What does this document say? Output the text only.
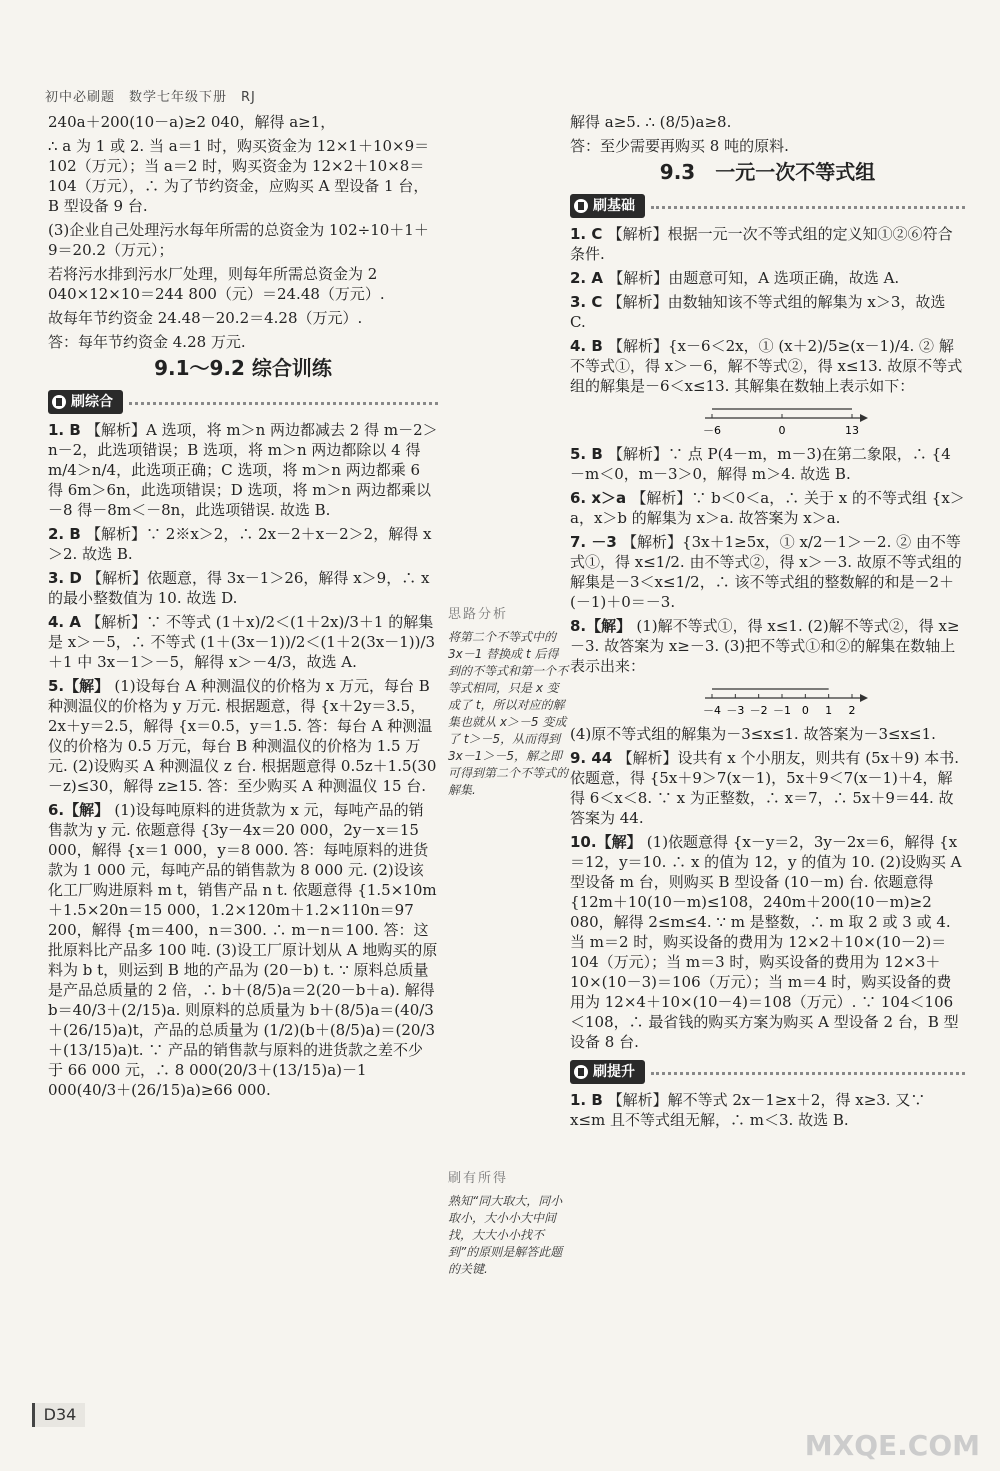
初中必刷题　数学七年级下册　RJ

240a＋200(10－a)≥2 040，解得 a≥1，

∴ a 为 1 或 2. 当 a＝1 时，购买资金为 12×1＋10×9＝102（万元）；当 a＝2 时，购买资金为 12×2＋10×8＝104（万元），∴ 为了节约资金，应购买 A 型设备 1 台，B 型设备 9 台.

(3)企业自己处理污水每年所需的总资金为 102÷10＋1＋9＝20.2（万元）；

若将污水排到污水厂处理，则每年所需总资金为 2 040×12×10＝244 800（元）＝24.48（万元）.

故每年节约资金 24.48－20.2＝4.28（万元）.

答：每年节约资金 4.28 万元.

9.1～9.2 综合训练
刷综合

1. B 【解析】A 选项，将 m＞n 两边都减去 2 得 m－2＞n－2，此选项错误；B 选项，将 m＞n 两边都除以 4 得 m/4＞n/4，此选项正确；C 选项，将 m＞n 两边都乘 6 得 6m＞6n，此选项错误；D 选项，将 m＞n 两边都乘以－8 得－8m＜－8n，此选项错误. 故选 B.

2. B 【解析】∵ 2※x＞2，∴ 2x－2＋x－2＞2，解得 x＞2. 故选 B.

3. D 【解析】依题意，得 3x－1＞26，解得 x＞9，∴ x 的最小整数值为 10. 故选 D.

4. A 【解析】∵ 不等式 (1＋x)/2＜(1＋2x)/3＋1 的解集是 x＞－5，∴ 不等式 (1＋(3x－1))/2＜(1＋2(3x－1))/3＋1 中 3x－1＞－5，解得 x＞－4/3，故选 A.

5.【解】 (1)设每台 A 种测温仪的价格为 x 万元，每台 B 种测温仪的价格为 y 万元. 根据题意，得 {x＋2y＝3.5，2x＋y＝2.5，解得 {x＝0.5，y＝1.5. 答：每台 A 种测温仪的价格为 0.5 万元，每台 B 种测温仪的价格为 1.5 万元. (2)设购买 A 种测温仪 z 台. 根据题意得 0.5z＋1.5(30－z)≤30，解得 z≥15. 答：至少购买 A 种测温仪 15 台.

6.【解】 (1)设每吨原料的进货款为 x 元，每吨产品的销售款为 y 元. 依题意得 {3y－4x＝20 000，2y－x＝15 000，解得 {x＝1 000，y＝8 000. 答：每吨原料的进货款为 1 000 元，每吨产品的销售款为 8 000 元. (2)设该化工厂购进原料 m t，销售产品 n t. 依题意得 {1.5×10m＋1.5×20n＝15 000，1.2×120m＋1.2×110n＝97 200，解得 {m＝400，n＝300. ∴ m－n＝100. 答：这批原料比产品多 100 吨. (3)设工厂原计划从 A 地购买的原料为 b t，则运到 B 地的产品为 (20－b) t. ∵ 原料总质量是产品总质量的 2 倍，∴ b＋(8/5)a＝2(20－b＋a). 解得 b＝40/3＋(2/15)a. 则原料的总质量为 b＋(8/5)a＝(40/3＋(26/15)a)t，产品的总质量为 (1/2)(b＋(8/5)a)＝(20/3＋(13/15)a)t. ∵ 产品的销售款与原料的进货款之差不少于 66 000 元，∴ 8 000(20/3＋(13/15)a)－1 000(40/3＋(26/15)a)≥66 000.

思路分析
将第二个不等式中的 3x－1 替换成 t 后得到的不等式和第一个不等式相同，只是 x 变成了 t，所以对应的解集也就从 x＞－5 变成了 t＞－5，从而得到 3x－1＞－5，解之即可得到第二个不等式的解集.
刷有所得
熟知“同大取大，同小取小，大小小大中间找，大大小小找不到”的原则是解答此题的关键.

解得 a≥5. ∴ (8/5)a≥8.

答：至少需要再购买 8 吨的原料.

9.3　一元一次不等式组
刷基础

1. C 【解析】根据一元一次不等式组的定义知①②⑥符合条件.

2. A 【解析】由题意可知，A 选项正确，故选 A.

3. C 【解析】由数轴知该不等式组的解集为 x＞3，故选 C.

4. B 【解析】{x－6＜2x，① (x＋2)/5≥(x－1)/4. ② 解不等式①，得 x＞－6，解不等式②，得 x≤13. 故原不等式组的解集是－6＜x≤13. 其解集在数轴上表示如下：

－6	0	13

5. B 【解析】∵ 点 P(4－m，m－3)在第二象限，∴ {4－m＜0，m－3＞0，解得 m＞4. 故选 B.

6. x＞a 【解析】∵ b＜0＜a，∴ 关于 x 的不等式组 {x＞a，x＞b 的解集为 x＞a. 故答案为 x＞a.

7. －3 【解析】{3x＋1≥5x，① x/2－1＞－2. ② 由不等式①，得 x≤1/2. 由不等式②，得 x＞－3. 故原不等式组的解集是－3＜x≤1/2，∴ 该不等式组的整数解的和是－2＋(－1)＋0＝－3.

8.【解】 (1)解不等式①，得 x≤1. (2)解不等式②，得 x≥－3. 故答案为 x≥－3. (3)把不等式①和②的解集在数轴上表示出来：

－4 －3 －2 －1 0 1 2

(4)原不等式组的解集为－3≤x≤1. 故答案为－3≤x≤1.

9. 44 【解析】设共有 x 个小朋友，则共有 (5x＋9) 本书. 依题意，得 {5x＋9＞7(x－1)，5x＋9＜7(x－1)＋4，解得 6＜x＜8. ∵ x 为正整数，∴ x＝7，∴ 5x＋9＝44. 故答案为 44.

10.【解】 (1)依题意得 {x－y＝2，3y－2x＝6，解得 {x＝12，y＝10. ∴ x 的值为 12，y 的值为 10. (2)设购买 A 型设备 m 台，则购买 B 型设备 (10－m) 台. 依题意得 {12m＋10(10－m)≤108，240m＋200(10－m)≥2 080，解得 2≤m≤4. ∵ m 是整数，∴ m 取 2 或 3 或 4. 当 m＝2 时，购买设备的费用为 12×2＋10×(10－2)＝104（万元）；当 m＝3 时，购买设备的费用为 12×3＋10×(10－3)＝106（万元）；当 m＝4 时，购买设备的费用为 12×4＋10×(10－4)＝108（万元）. ∵ 104＜106＜108，∴ 最省钱的购买方案为购买 A 型设备 2 台，B 型设备 8 台.

刷提升

1. B 【解析】解不等式 2x－1≥x＋2，得 x≥3. 又∵ x≤m 且不等式组无解，∴ m＜3. 故选 B.

D34
MXQE.COM
